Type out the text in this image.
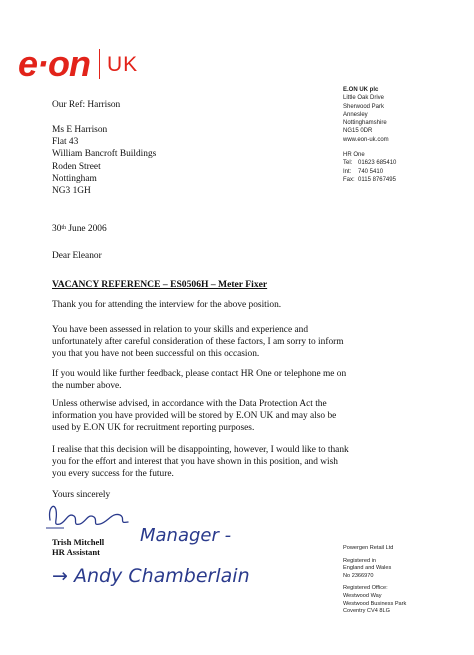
e·on UK
E.ON UK plc
Little Oak Drive
Sherwood Park
Annesley
Nottinghamshire
NG15 0DR
www.eon-uk.com
HR One
Tel: 01623 685410
Int:	740 5410
Fax: 0115 8767495
Our Ref: Harrison
Ms E Harrison
Flat 43
William Bancroft Buildings
Roden Street
Nottingham
NG3 1GH
30th June 2006
Dear Eleanor
VACANCY REFERENCE – ES0506H – Meter Fixer

Thank you for attending the interview for the above position.

You have been assessed in relation to your skills and experience and unfortunately after careful consideration of these factors, I am sorry to inform you that you have not been successful on this occasion.

If you would like further feedback, please contact HR One or telephone me on the number above.

Unless otherwise advised, in accordance with the Data Protection Act the information you have provided will be stored by E.ON UK and may also be used by E.ON UK for recruitment reporting purposes.

I realise that this decision will be disappointing, however, I would like to thank you for the effort and interest that you have shown in this position, and wish you every success for the future.

Yours sincerely
Trish Mitchell
HR Assistant
Manager -
→ Andy Chamberlain
Powergen Retail Ltd
Registered in
England and Wales
No 2366970
Registered Office:
Westwood Way
Westwood Business Park
Coventry CV4 8LG
